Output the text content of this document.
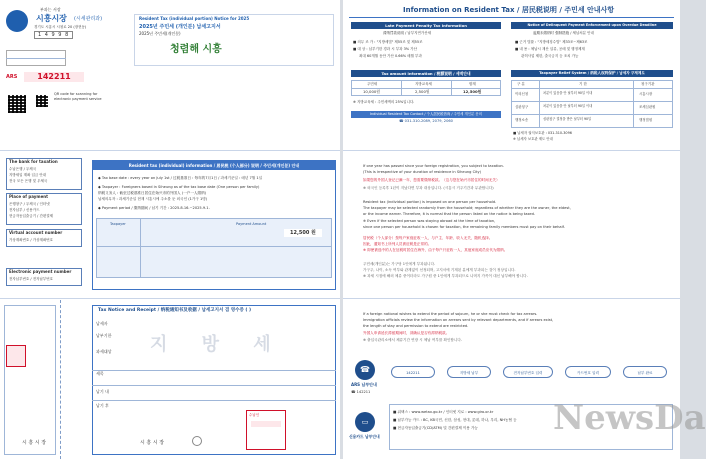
부과는 서장
시흥시장 (시세관리과)
경기도 시흥시 시청로 20 (장현동)
1 4 9 9 8
Resident Tax (individual portion) Notice for 2025
2025년 주민세 (개인분) 납세고지서
2025년 주민세(개인분)
청렴해 시흥
ARS	142211
QR code for scanning for
electronic payment service
The bank for taxation
수납은행 / 우체국
지방세입 계좌 입금 안내
전국 모든 은행 및 우체국
Place of payment
은행창구 / 우체국 / 인터넷
전자납부 / 신용카드
현금자동입출금기 / 간편결제
Virtual account number
가상계좌번호 / 가상계좌번호
Electronic payment number
전자납부번호 / 전자납부번호
Resident tax (individual) information / 居民税 (个人部分) 说明 / 주민세(개인분) 안내
◆ Tax base date : every year on July 1st / 过税基准日 : 每年的7月1日 / 과세기준일 : 매년 7월 1일
◆ Taxpayer : Foreigners based in Siheung as of the tax base date (One person per family)
纳税义务人 : 截至过税基准日居住在始兴市的外国人 (一户一人缴纳)
납세의무자 : 과세기준일 현재 시흥시에 주소를 둔 외국인 (1가구 1명)
◆ Payment period / 缴纳期间 / 납기 기간 : 2025.8.16.~2025.9.1.
Taxpayer	Payment Amount
12,500 원
Tax Notice and Receipt / 纳税通知书及收据 / 납세고지서 겸 영수증 ( )
납세자
납부기한
과세대상
세목
납기 내
납기 후
지 방 세
수납인
시 흥 시 장	시 흥 시 장
Information on Resident Tax / 居民税说明 / 주민세 안내사항
Late Payment Penalty Tax Information
滞纳罚款说明 / 납부지연가산세
■ 의무 조 가 : "지방세법" 제55조 및 제55조
■ 대 상 : 납부기한 경과 시 부과 3% 가산
최대 60개월 동안 가산 0.66% 매월 부과
Notice of Delinquent Payment Enforcement upon Overdue Deadline
逾期未缴纳时 强制措施 / 체납처분 안내
■ 근거 법률 : "지방세징수법" 제33조~제63조
■ 내 용 : 체납시 재산 압류, 공매 및 행정제재
관허사업 제한, 출국금지 등 조치 가능
Tax amount information / 税额说明 / 세액안내
주민세	지방교육세	합계
10,000원	2,500원	12,500원
※ 지방교육세 : 주민세액의 25%입니다.
Individual Resident Tax Contact / 个人居民税咨询 / 주민세 개인분 문의
☎ 031-310-2089, 2079, 2060
Taxpayer Relief System / 纳税人权利保护 / 납세자 구제제도
구 분	기 한	청구기관
이의신청	처분이 있음을 안 날부터 90일 이내	시흥시장
심판청구	처분이 있음을 안 날부터 90일 이내	조세심판원
행정소송	심판청구 결정을 받은 날부터 90일	행정법원
■ 납세자 권익보호관 : 031-310-3096
※ 납세자 보호관 제도 안내
If one year has passed since your foreign registration, you subject to taxation.
(This is irrespective of your duration of residence in Siheung City)
如果您的外国人登记已满一年，您需要缴纳税款。（这与您在始兴市居住的时间无关）
※ 외국인 등록후 1년이 지났다면 부과 대상입니다. (시흥시 거주기간과 무관합니다)
Resident tax (individual portion) is imposed on one person per household.
The taxpayer may be selected randomly from the household; regardless of whether they are the owner, the eldest,
or the income earner. Therefore, it is normal that the person listed on the notice is being taxed.
※ Even if the selected person was staying abroad at the time of taxation,
since one person per household is chosen for taxation, the remaining family members must pay on their behalf.
居民税（个人部分）按每户家庭征收一人，与户主、年龄、收入无关，随机选择。
因此，通知书上所列人员被征税是正常的。
※ 即使被选中的人在征税时居住在海外，由于每户只征收一人，其他家庭成员应代为缴纳。
주민세(개인분)는 가구당 1인에게 부과됩니다.
가구주, 나이, 소득 여부와 관계없이 선정되며, 고지서에 기재된 분에게 부과되는 것이 정상입니다.
※ 과세 시점에 해외 체류 중이더라도 가구원 중 1인에게 부과되므로 나머지 가족이 대신 납부해야 합니다.
If a foreign national wishes to extend the period of sojourn, he or she must check for tax arrears.
Immigration officials review the information on arrears sent by relevant departments, and if arrears exist,
the length of stay and permission to extend are restricted.
外国人申请延长滞留期间时，须确认是否有滞纳税款。
※ 출입국관리소에서 체류기간 연장 시 체납 여부를 확인합니다.
☎
ARS 납부안내
☎ 142211
142211	지방세 납부	전자납부번호 입력	카드번호 입력	납부 완료
▭
신용카드 납부안내
■ 위택스 : www.wetax.go.kr / 인터넷 지로 : www.giro.or.kr
■ 납부가능 카드 : BC, KB국민, 신한, 삼성, 현대, 롯데, 하나, 우리, NH농협 등
■ 현금자동입출금기(CD/ATM) 및 간편결제 이용 가능 NewsDa
